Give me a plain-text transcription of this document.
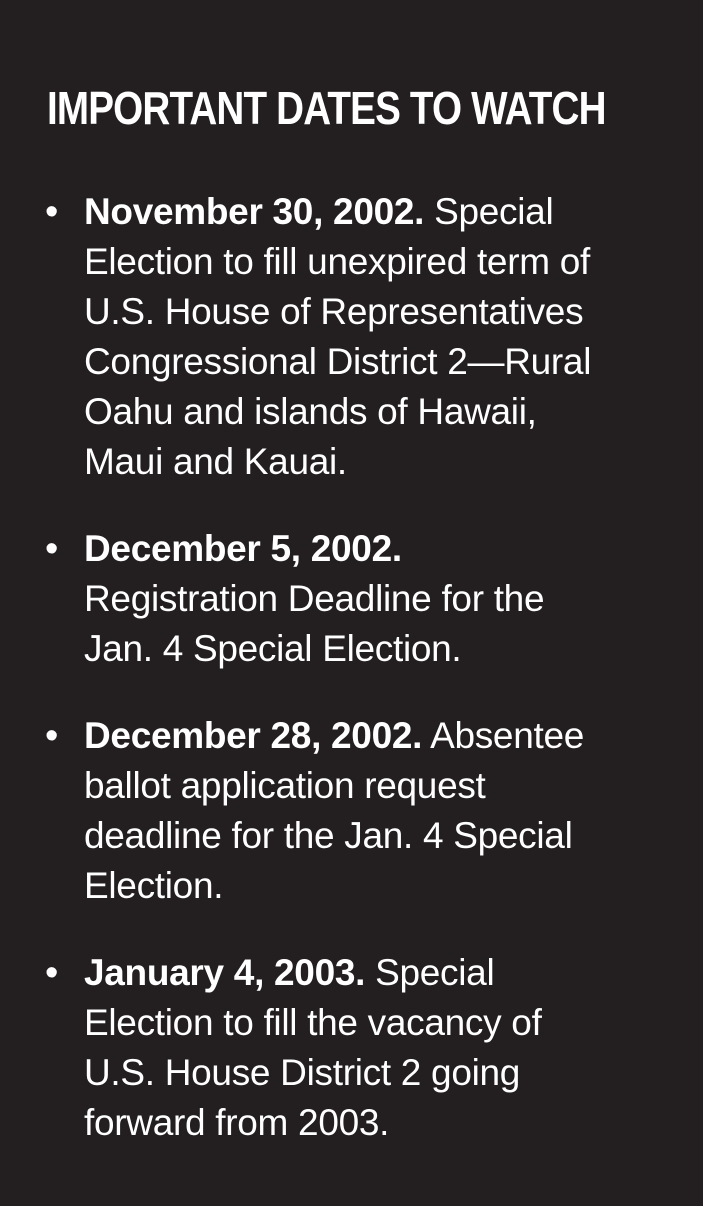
IMPORTANT DATES TO WATCH
• November 30, 2002. Special
Election to fill unexpired term of
U.S. House of Representatives
Congressional District 2—Rural
Oahu and islands of Hawaii,
Maui and Kauai.

• December 5, 2002.
Registration Deadline for the
Jan. 4 Special Election.

• December 28, 2002. Absentee
ballot application request
deadline for the Jan. 4 Special
Election.

• January 4, 2003. Special
Election to fill the vacancy of
U.S. House District 2 going
forward from 2003.
